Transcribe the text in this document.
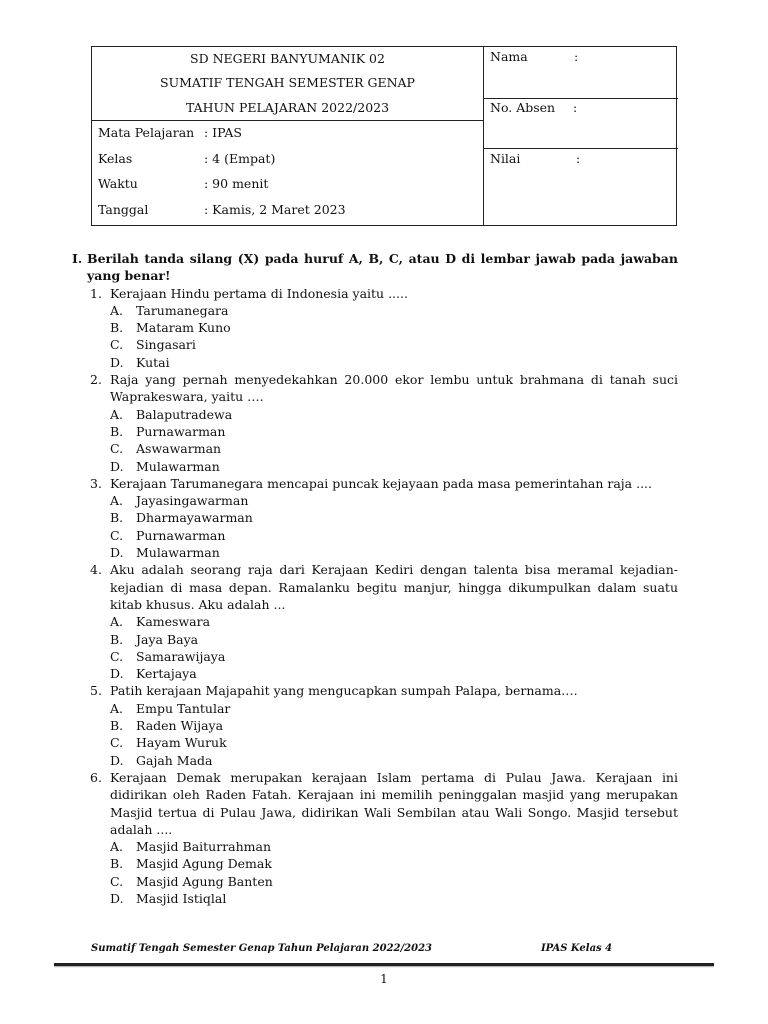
SD NEGERI BANYUMANIK 02
SUMATIF TENGAH SEMESTER GENAP
TAHUN PELAJARAN 2022/2023
Mata Pelajaran : IPAS
Kelas	: 4 (Empat)
Waktu	: 90 menit
Tanggal	: Kamis, 2 Maret 2023
Nama	:
No. Absen :
Nilai	:
I. Berilah tanda silang (X) pada huruf A, B, C, atau D di lembar jawab pada jawaban yang benar!
1. Kerajaan Hindu pertama di Indonesia yaitu .....
A.	Tarumanegara
B.	Mataram Kuno
C.	Singasari
D. Kutai
2. Raja yang pernah menyedekahkan 20.000 ekor lembu untuk brahmana di tanah suci Waprakeswara, yaitu ….
A.	Balaputradewa
B.	Purnawarman
C.	Aswawarman
D. Mulawarman
3. Kerajaan Tarumanegara mencapai puncak kejayaan pada masa pemerintahan raja ....
A.	Jayasingawarman
B.	Dharmayawarman
C.	Purnawarman
D. Mulawarman
4. Aku adalah seorang raja dari Kerajaan Kediri dengan talenta bisa meramal kejadian-kejadian di masa depan. Ramalanku begitu manjur, hingga dikumpulkan dalam suatu kitab khusus. Aku adalah ...
A.	Kameswara
B.	Jaya Baya
C.	Samarawijaya
D. Kertajaya
5. Patih kerajaan Majapahit yang mengucapkan sumpah Palapa, bernama….
A.	Empu Tantular
B.	Raden Wijaya
C.	Hayam Wuruk
D. Gajah Mada
6. Kerajaan Demak merupakan kerajaan Islam pertama di Pulau Jawa. Kerajaan ini didirikan oleh Raden Fatah. Kerajaan ini memilih peninggalan masjid yang merupakan Masjid tertua di Pulau Jawa, didirikan Wali Sembilan atau Wali Songo. Masjid tersebut adalah ....
A.	Masjid Baiturrahman
B.	Masjid Agung Demak
C.	Masjid Agung Banten
D. Masjid Istiqlal
Sumatif Tengah Semester Genap Tahun Pelajaran 2022/2023	IPAS Kelas 4
1
